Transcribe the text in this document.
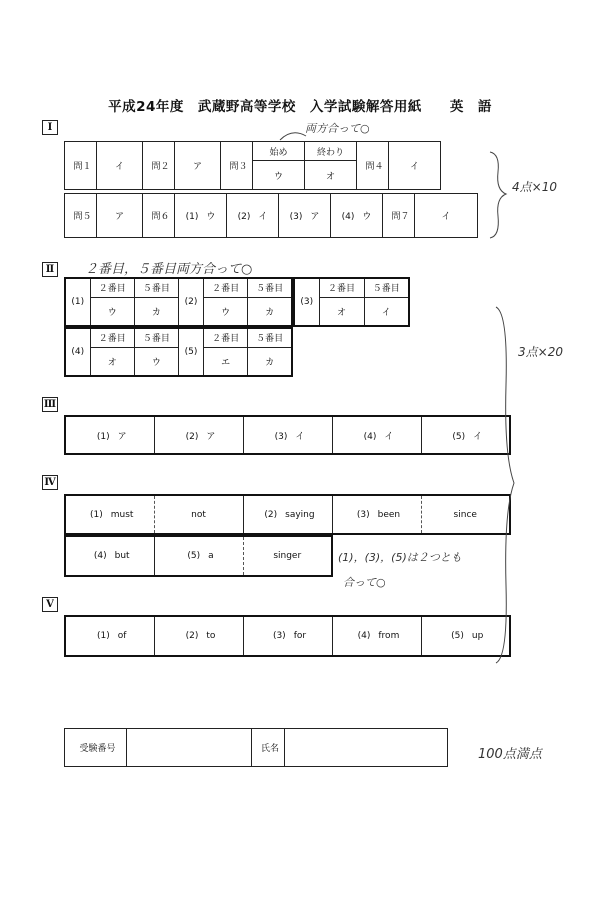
平成24年度　武蔵野高等学校　入学試験解答用紙　　英　語
Ⅰ
問１	イ	問２	ア	問３	始め	終わり	問４	イ
					ウ	オ		
問５	ア	問６	(1) ウ	(2) イ	(3) ア	(4) ウ	問７	イ
Ⅱ
(1)	２番目	５番目	(2)	２番目	５番目
	ウ	カ		ウ	カ
(3)	２番目	５番目
	オ	イ
(4)	２番目	５番目	(5)	２番目	５番目
	オ	ウ		エ	カ
Ⅲ
(1) ア	(2) ア	(3) イ	(4) イ	(5) イ
Ⅳ
(1) must	not	(2) saying	(3) been	since
(4) but	(5) a	singer
Ⅴ
(1) of	(2) to	(3) for	(4) from	(5) up
受験番号		氏名	
両方合って○
4点×10
２番目，５番目両方合って○
3点×20
(1)，(3)，(5)は２つとも
合って○
100点満点
